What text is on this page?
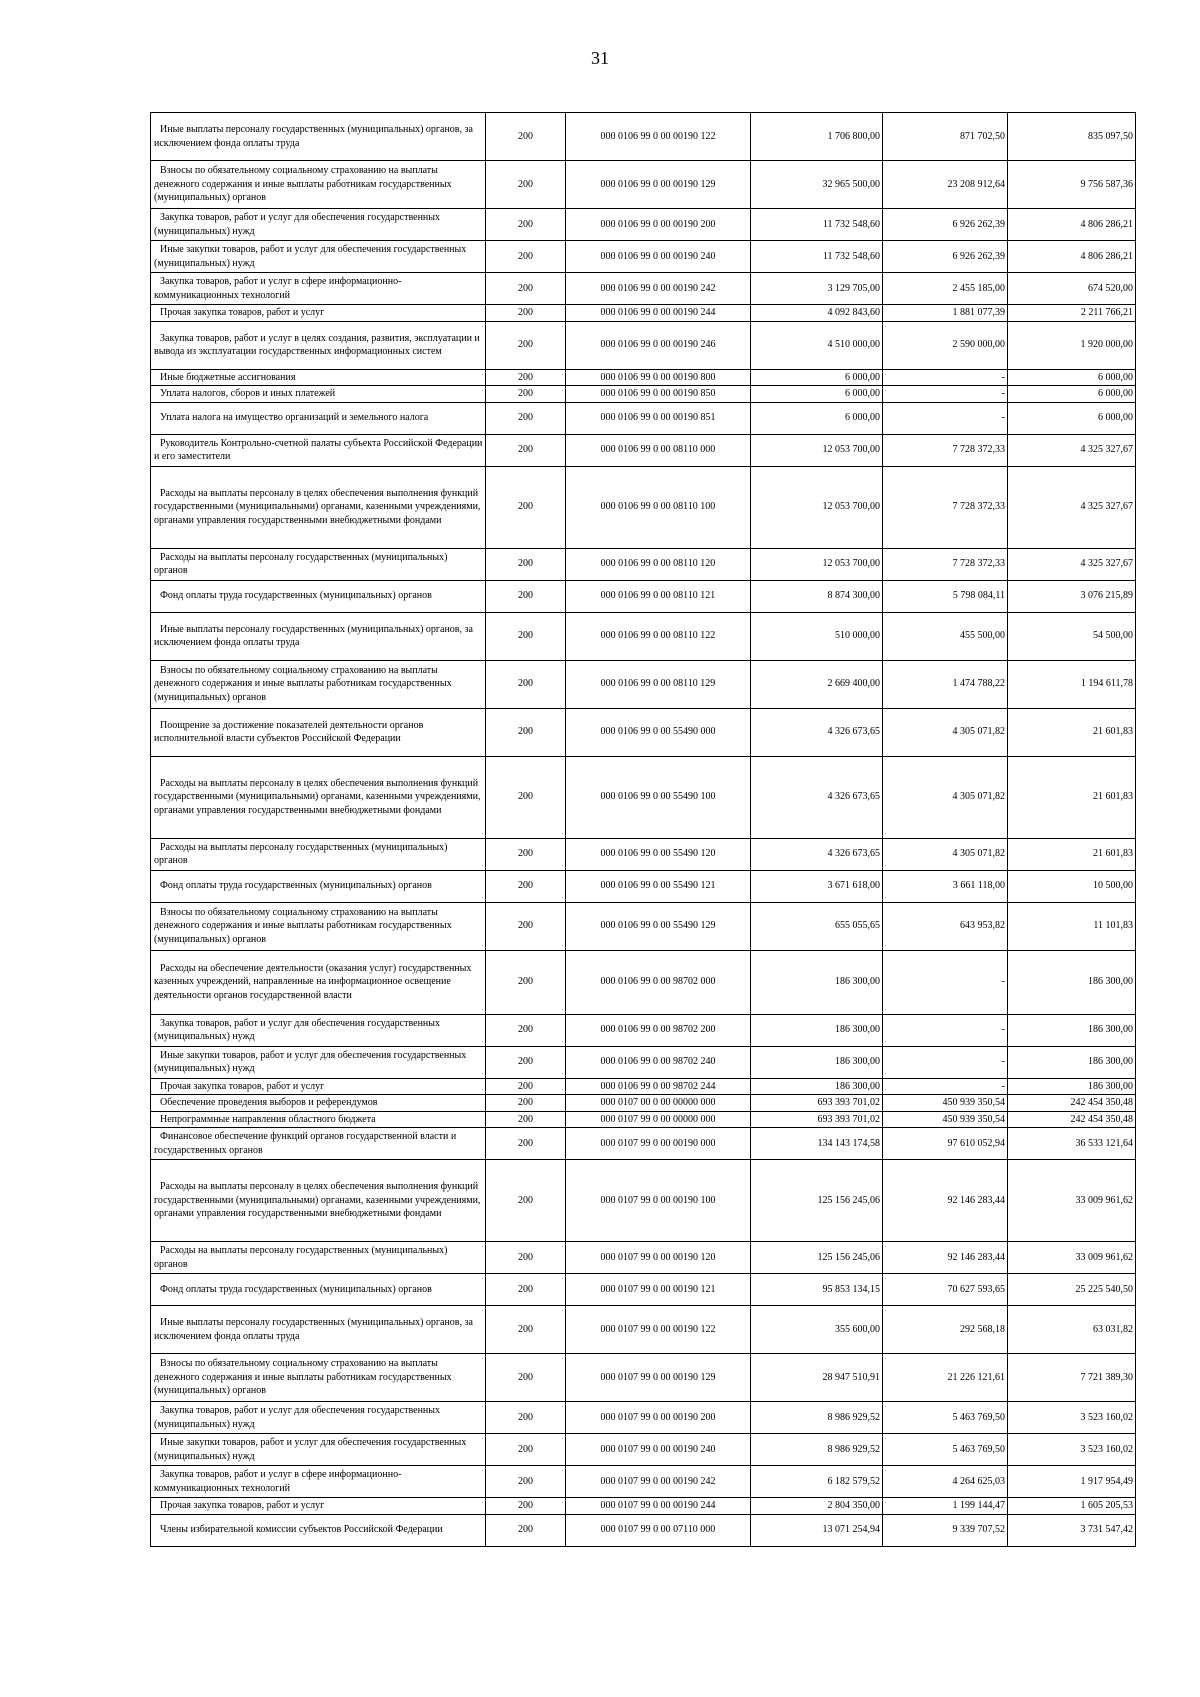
31
Иные выплаты персоналу государственных (муниципальных) органов, за исключением фонда оплаты труда	200	000 0106 99 0 00 00190 122	1 706 800,00	871 702,50	835 097,50
Взносы по обязательному социальному страхованию на выплаты денежного содержания и иные выплаты работникам государственных (муниципальных) органов	200	000 0106 99 0 00 00190 129	32 965 500,00	23 208 912,64	9 756 587,36
Закупка товаров, работ и услуг для обеспечения государственных (муниципальных) нужд	200	000 0106 99 0 00 00190 200	11 732 548,60	6 926 262,39	4 806 286,21
Иные закупки товаров, работ и услуг для обеспечения государственных (муниципальных) нужд	200	000 0106 99 0 00 00190 240	11 732 548,60	6 926 262,39	4 806 286,21
Закупка товаров, работ и услуг в сфере информационно-коммуникационных технологий	200	000 0106 99 0 00 00190 242	3 129 705,00	2 455 185,00	674 520,00
Прочая закупка товаров, работ и услуг	200	000 0106 99 0 00 00190 244	4 092 843,60	1 881 077,39	2 211 766,21
Закупка товаров, работ и услуг в целях создания, развития, эксплуатации и вывода из эксплуатации государственных информационных систем	200	000 0106 99 0 00 00190 246	4 510 000,00	2 590 000,00	1 920 000,00
Иные бюджетные ассигнования	200	000 0106 99 0 00 00190 800	6 000,00	-	6 000,00
Уплата налогов, сборов и иных платежей	200	000 0106 99 0 00 00190 850	6 000,00	-	6 000,00
Уплата налога на имущество организаций и земельного налога	200	000 0106 99 0 00 00190 851	6 000,00	-	6 000,00
Руководитель Контрольно-счетной палаты субъекта Российской Федерации и его заместители	200	000 0106 99 0 00 08110 000	12 053 700,00	7 728 372,33	4 325 327,67
Расходы на выплаты персоналу в целях обеспечения выполнения функций государственными (муниципальными) органами, казенными учреждениями, органами управления государственными внебюджетными фондами	200	000 0106 99 0 00 08110 100	12 053 700,00	7 728 372,33	4 325 327,67
Расходы на выплаты персоналу государственных (муниципальных) органов	200	000 0106 99 0 00 08110 120	12 053 700,00	7 728 372,33	4 325 327,67
Фонд оплаты труда государственных (муниципальных) органов	200	000 0106 99 0 00 08110 121	8 874 300,00	5 798 084,11	3 076 215,89
Иные выплаты персоналу государственных (муниципальных) органов, за исключением фонда оплаты труда	200	000 0106 99 0 00 08110 122	510 000,00	455 500,00	54 500,00
Взносы по обязательному социальному страхованию на выплаты денежного содержания и иные выплаты работникам государственных (муниципальных) органов	200	000 0106 99 0 00 08110 129	2 669 400,00	1 474 788,22	1 194 611,78
Поощрение за достижение показателей деятельности органов исполнительной власти субъектов Российской Федерации	200	000 0106 99 0 00 55490 000	4 326 673,65	4 305 071,82	21 601,83
Расходы на выплаты персоналу в целях обеспечения выполнения функций государственными (муниципальными) органами, казенными учреждениями, органами управления государственными внебюджетными фондами	200	000 0106 99 0 00 55490 100	4 326 673,65	4 305 071,82	21 601,83
Расходы на выплаты персоналу государственных (муниципальных) органов	200	000 0106 99 0 00 55490 120	4 326 673,65	4 305 071,82	21 601,83
Фонд оплаты труда государственных (муниципальных) органов	200	000 0106 99 0 00 55490 121	3 671 618,00	3 661 118,00	10 500,00
Взносы по обязательному социальному страхованию на выплаты денежного содержания и иные выплаты работникам государственных (муниципальных) органов	200	000 0106 99 0 00 55490 129	655 055,65	643 953,82	11 101,83
Расходы на обеспечение деятельности (оказания услуг) государственных казенных учреждений, направленные на информационное освещение деятельности органов государственной власти	200	000 0106 99 0 00 98702 000	186 300,00	-	186 300,00
Закупка товаров, работ и услуг для обеспечения государственных (муниципальных) нужд	200	000 0106 99 0 00 98702 200	186 300,00	-	186 300,00
Иные закупки товаров, работ и услуг для обеспечения государственных (муниципальных) нужд	200	000 0106 99 0 00 98702 240	186 300,00	-	186 300,00
Прочая закупка товаров, работ и услуг	200	000 0106 99 0 00 98702 244	186 300,00	-	186 300,00
Обеспечение проведения выборов и референдумов	200	000 0107 00 0 00 00000 000	693 393 701,02	450 939 350,54	242 454 350,48
Непрограммные направления областного бюджета	200	000 0107 99 0 00 00000 000	693 393 701,02	450 939 350,54	242 454 350,48
Финансовое обеспечение функций органов государственной власти и государственных органов	200	000 0107 99 0 00 00190 000	134 143 174,58	97 610 052,94	36 533 121,64
Расходы на выплаты персоналу в целях обеспечения выполнения функций государственными (муниципальными) органами, казенными учреждениями, органами управления государственными внебюджетными фондами	200	000 0107 99 0 00 00190 100	125 156 245,06	92 146 283,44	33 009 961,62
Расходы на выплаты персоналу государственных (муниципальных) органов	200	000 0107 99 0 00 00190 120	125 156 245,06	92 146 283,44	33 009 961,62
Фонд оплаты труда государственных (муниципальных) органов	200	000 0107 99 0 00 00190 121	95 853 134,15	70 627 593,65	25 225 540,50
Иные выплаты персоналу государственных (муниципальных) органов, за исключением фонда оплаты труда	200	000 0107 99 0 00 00190 122	355 600,00	292 568,18	63 031,82
Взносы по обязательному социальному страхованию на выплаты денежного содержания и иные выплаты работникам государственных (муниципальных) органов	200	000 0107 99 0 00 00190 129	28 947 510,91	21 226 121,61	7 721 389,30
Закупка товаров, работ и услуг для обеспечения государственных (муниципальных) нужд	200	000 0107 99 0 00 00190 200	8 986 929,52	5 463 769,50	3 523 160,02
Иные закупки товаров, работ и услуг для обеспечения государственных (муниципальных) нужд	200	000 0107 99 0 00 00190 240	8 986 929,52	5 463 769,50	3 523 160,02
Закупка товаров, работ и услуг в сфере информационно-коммуникационных технологий	200	000 0107 99 0 00 00190 242	6 182 579,52	4 264 625,03	1 917 954,49
Прочая закупка товаров, работ и услуг	200	000 0107 99 0 00 00190 244	2 804 350,00	1 199 144,47	1 605 205,53
Члены избирательной комиссии субъектов Российской Федерации	200	000 0107 99 0 00 07110 000	13 071 254,94	9 339 707,52	3 731 547,42
